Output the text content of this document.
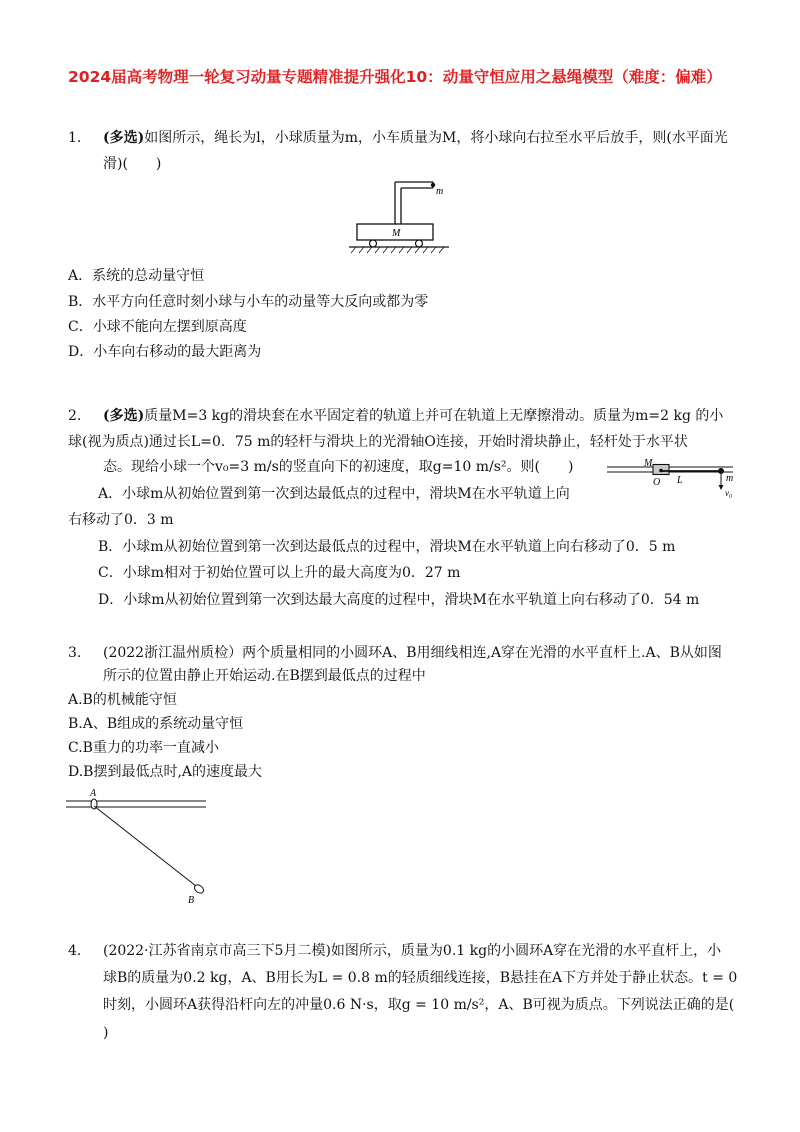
2024届高考物理一轮复习动量专题精准提升强化10：动量守恒应用之悬绳模型（难度：偏难）
1. (多选)如图所示，绳长为l，小球质量为m，小车质量为M，将小球向右拉至水平后放手，则(水平面光
滑)(　　)
m
M
A．系统的总动量守恒
B．水平方向任意时刻小球与小车的动量等大反向或都为零
C．小球不能向左摆到原高度
D．小车向右移动的最大距离为
2. (多选)质量M=3 kg的滑块套在水平固定着的轨道上并可在轨道上无摩擦滑动。质量为m=2 kg 的小
球(视为质点)通过长L=0．75 m的轻杆与滑块上的光滑轴O连接，开始时滑块静止，轻杆处于水平状
态。现给小球一个v₀=3 m/s的竖直向下的初速度，取g=10 m/s²。则(　　)	M
O L	m
v₀
A．小球m从初始位置到第一次到达最低点的过程中，滑块M在水平轨道上向
右移动了0．3 m
B．小球m从初始位置到第一次到达最低点的过程中，滑块M在水平轨道上向右移动了0．5 m
C．小球m相对于初始位置可以上升的最大高度为0．27 m
D．小球m从初始位置到第一次到达最大高度的过程中，滑块M在水平轨道上向右移动了0．54 m
3. (2022浙江温州质检）两个质量相同的小圆环A、B用细线相连,A穿在光滑的水平直杆上.A、B从如图
所示的位置由静止开始运动.在B摆到最低点的过程中
A.B的机械能守恒
B.A、B组成的系统动量守恒
C.B重力的功率一直减小
D.B摆到最低点时,A的速度最大
A
B
4. (2022·江苏省南京市高三下5月二模)如图所示，质量为0.1 kg的小圆环A穿在光滑的水平直杆上，小
球B的质量为0.2 kg，A、B用长为L = 0.8 m的轻质细线连接，B悬挂在A下方并处于静止状态。t = 0
时刻，小圆环A获得沿杆向左的冲量0.6 N·s，取g = 10 m/s²，A、B可视为质点。下列说法正确的是(
)
